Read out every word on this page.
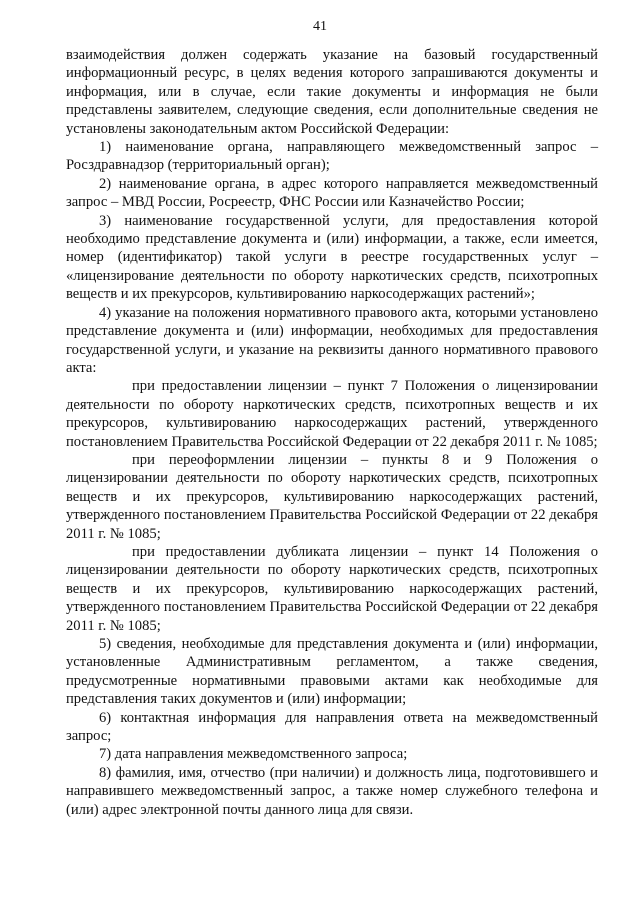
41

взаимодействия должен содержать указание на базовый государственный информационный ресурс, в целях ведения которого запрашиваются документы и информация, или в случае, если такие документы и информация не были представлены заявителем, следующие сведения, если дополнительные сведения не установлены законодательным актом Российской Федерации:

1) наименование органа, направляющего межведомственный запрос – Росздравнадзор (территориальный орган);

2) наименование органа, в адрес которого направляется межведомственный запрос – МВД России, Росреестр, ФНС России или Казначейство России;

3) наименование государственной услуги, для предоставления которой необходимо представление документа и (или) информации, а также, если имеется, номер (идентификатор) такой услуги в реестре государственных услуг – «лицензирование деятельности по обороту наркотических средств, психотропных веществ и их прекурсоров, культивированию наркосодержащих растений»;

4) указание на положения нормативного правового акта, которыми установлено представление документа и (или) информации, необходимых для предоставления государственной услуги, и указание на реквизиты данного нормативного правового акта:

при предоставлении лицензии – пункт 7 Положения о лицензировании деятельности по обороту наркотических средств, психотропных веществ и их прекурсоров, культивированию наркосодержащих растений, утвержденного постановлением Правительства Российской Федерации от 22 декабря 2011 г. № 1085;

при переоформлении лицензии – пункты 8 и 9 Положения о лицензировании деятельности по обороту наркотических средств, психотропных веществ и их прекурсоров, культивированию наркосодержащих растений, утвержденного постановлением Правительства Российской Федерации от 22 декабря 2011 г. № 1085;

при предоставлении дубликата лицензии – пункт 14 Положения о лицензировании деятельности по обороту наркотических средств, психотропных веществ и их прекурсоров, культивированию наркосодержащих растений, утвержденного постановлением Правительства Российской Федерации от 22 декабря 2011 г. № 1085;

5) сведения, необходимые для представления документа и (или) информации, установленные Административным регламентом, а также сведения, предусмотренные нормативными правовыми актами как необходимые для представления таких документов и (или) информации;

6) контактная информация для направления ответа на межведомственный запрос;

7) дата направления межведомственного запроса;

8) фамилия, имя, отчество (при наличии) и должность лица, подготовившего и направившего межведомственный запрос, а также номер служебного телефона и (или) адрес электронной почты данного лица для связи.
